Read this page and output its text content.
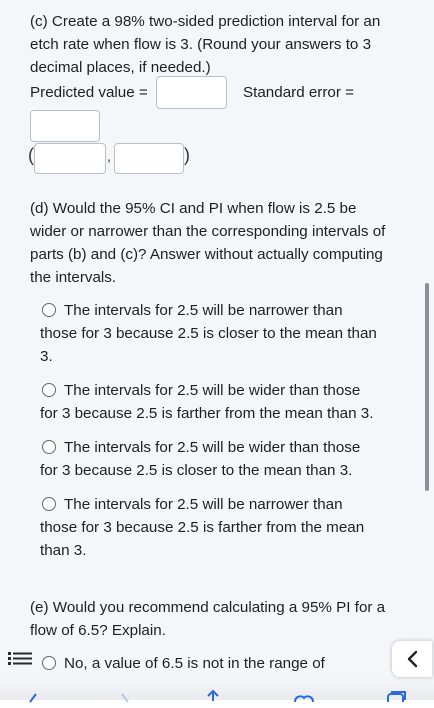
(c) Create a 98% two-sided prediction interval for an
etch rate when flow is 3. (Round your answers to 3
decimal places, if needed.)
Predicted value =	Standard error =
(	,	)
(d) Would the 95% CI and PI when flow is 2.5 be
wider or narrower than the corresponding intervals of
parts (b) and (c)? Answer without actually computing
the intervals.
The intervals for 2.5 will be narrower than
those for 3 because 2.5 is closer to the mean than
3.
The intervals for 2.5 will be wider than those
for 3 because 2.5 is farther from the mean than 3.
The intervals for 2.5 will be wider than those
for 3 because 2.5 is closer to the mean than 3.
The intervals for 2.5 will be narrower than
those for 3 because 2.5 is farther from the mean
than 3.
(e) Would you recommend calculating a 95% PI for a
flow of 6.5? Explain.
No, a value of 6.5 is not in the range of
